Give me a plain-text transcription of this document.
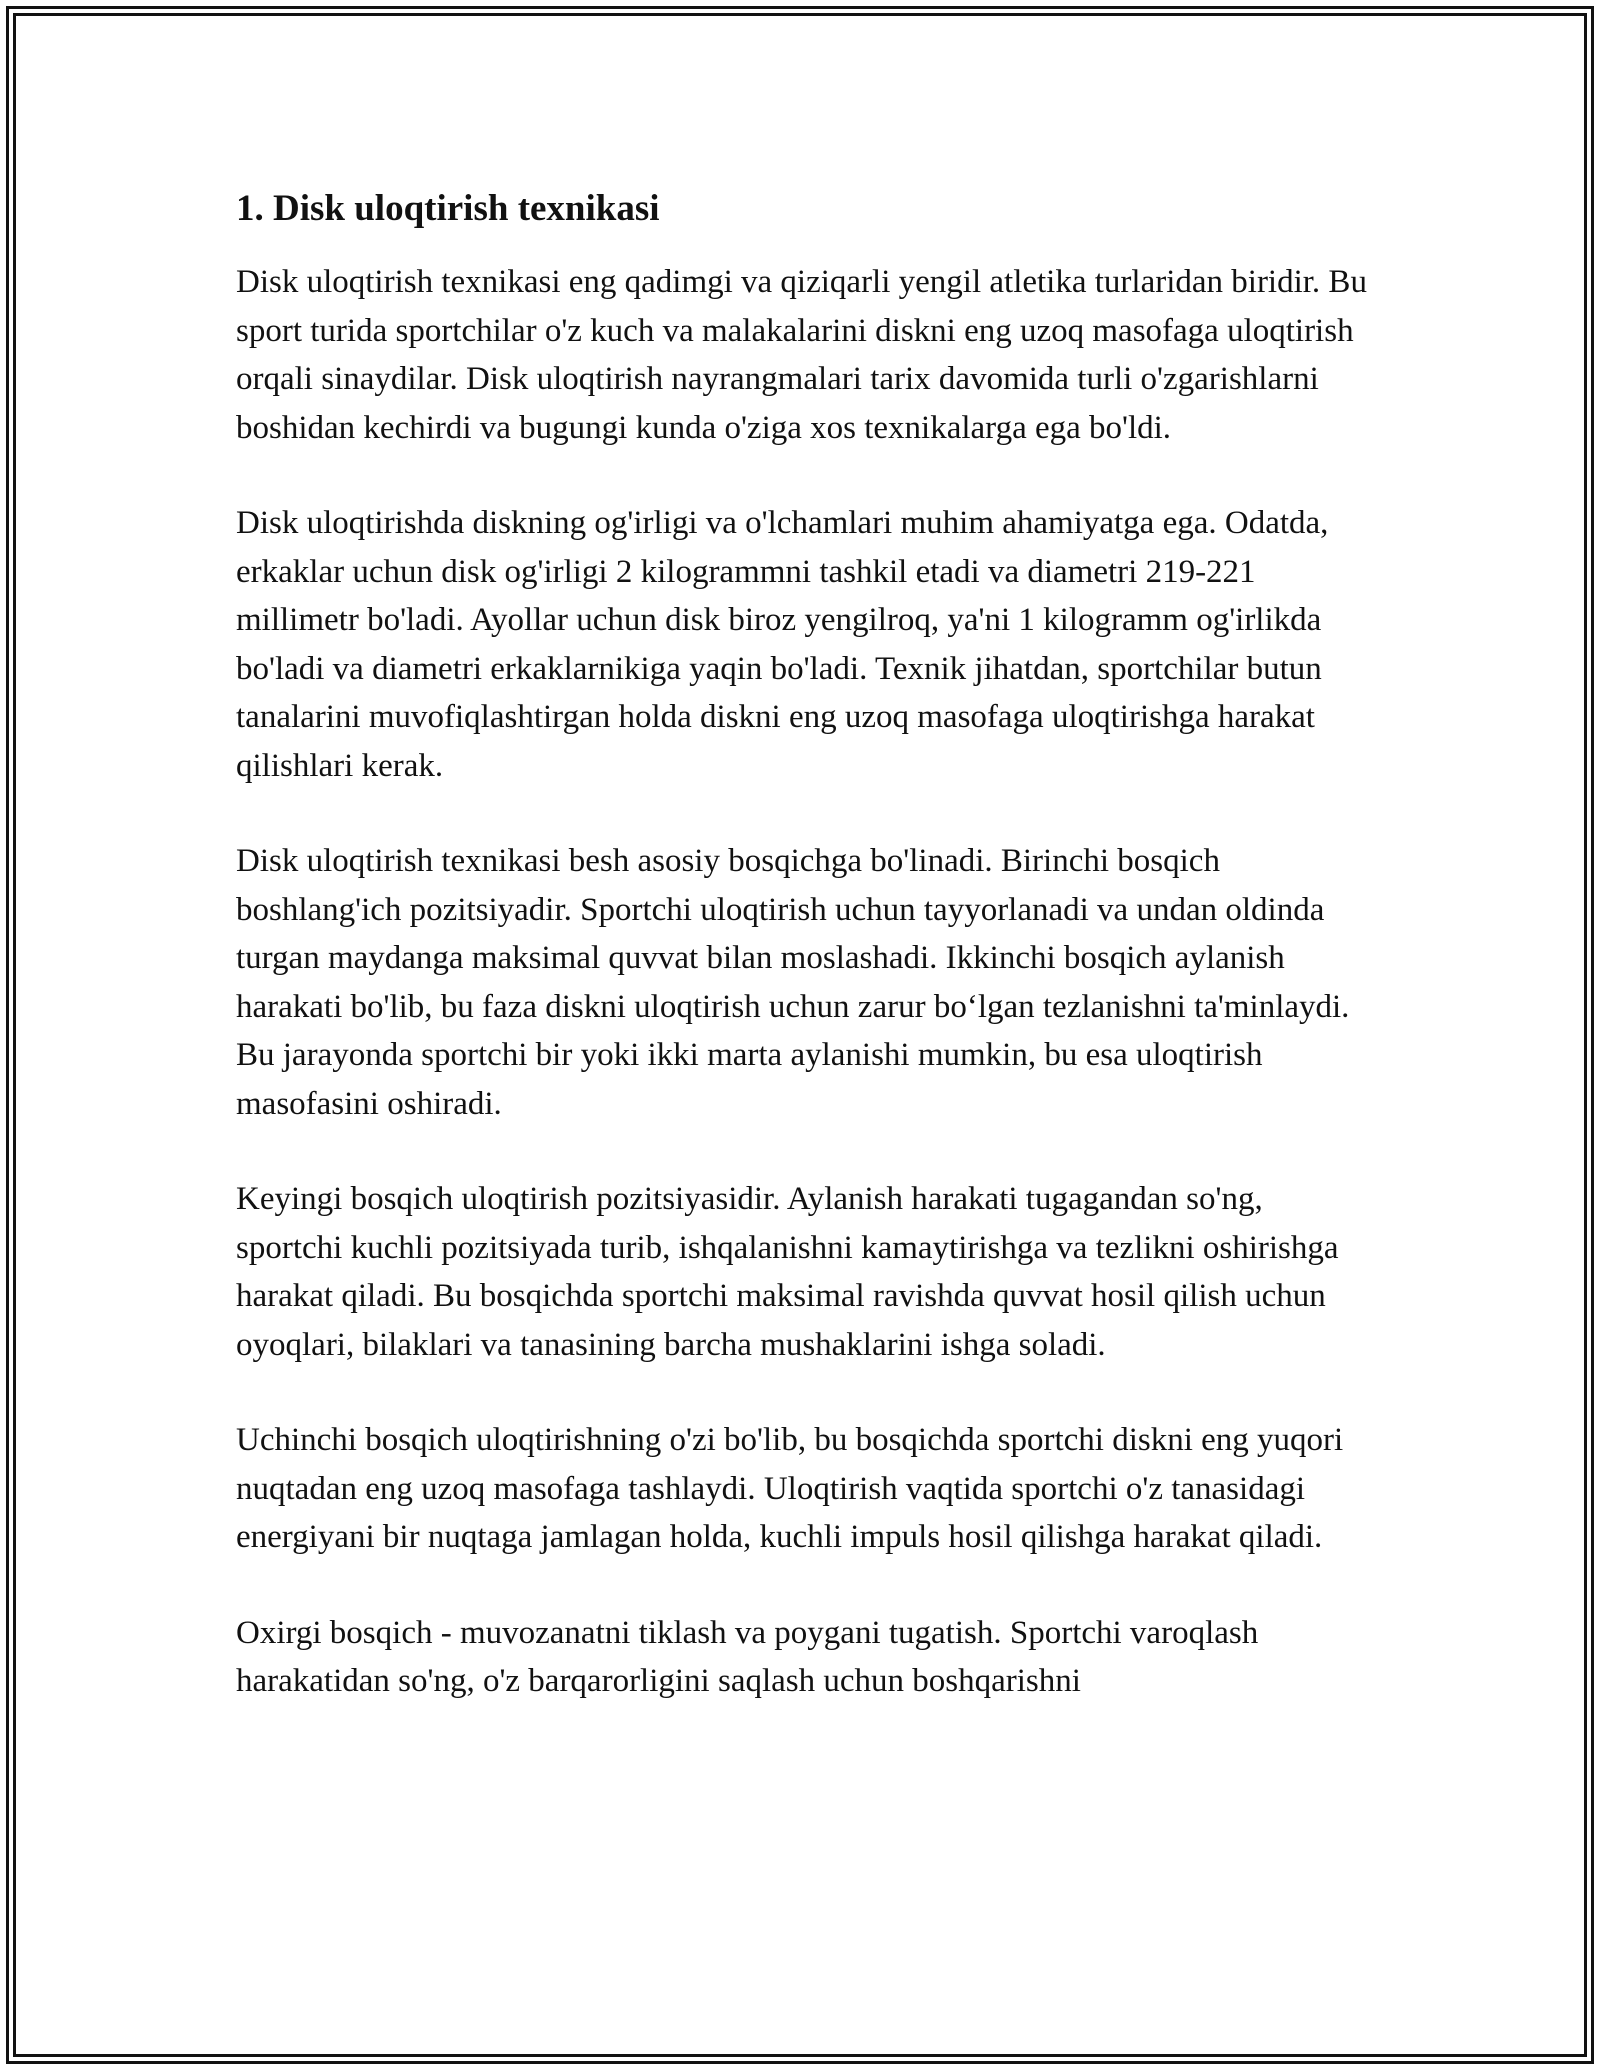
1. Disk uloqtirish texnikasi

Disk uloqtirish texnikasi eng qadimgi va qiziqarli yengil atletika turlaridan biridir. Bu sport turida sportchilar o'z kuch va malakalarini diskni eng uzoq masofaga uloqtirish orqali sinaydilar. Disk uloqtirish nayrangmalari tarix davomida turli o'zgarishlarni boshidan kechirdi va bugungi kunda o'ziga xos texnikalarga ega bo'ldi.

Disk uloqtirishda diskning og'irligi va o'lchamlari muhim ahamiyatga ega. Odatda, erkaklar uchun disk og'irligi 2 kilogrammni tashkil etadi va diametri 219-221 millimetr bo'ladi. Ayollar uchun disk biroz yengilroq, ya'ni 1 kilogramm og'irlikda bo'ladi va diametri erkaklarnikiga yaqin bo'ladi. Texnik jihatdan, sportchilar butun tanalarini muvofiqlashtirgan holda diskni eng uzoq masofaga uloqtirishga harakat qilishlari kerak.

Disk uloqtirish texnikasi besh asosiy bosqichga bo'linadi. Birinchi bosqich boshlang'ich pozitsiyadir. Sportchi uloqtirish uchun tayyorlanadi va undan oldinda turgan maydanga maksimal quvvat bilan moslashadi. Ikkinchi bosqich aylanish harakati bo'lib, bu faza diskni uloqtirish uchun zarur bo‘lgan tezlanishni ta'minlaydi. Bu jarayonda sportchi bir yoki ikki marta aylanishi mumkin, bu esa uloqtirish masofasini oshiradi.

Keyingi bosqich uloqtirish pozitsiyasidir. Aylanish harakati tugagandan so'ng, sportchi kuchli pozitsiyada turib, ishqalanishni kamaytirishga va tezlikni oshirishga harakat qiladi. Bu bosqichda sportchi maksimal ravishda quvvat hosil qilish uchun oyoqlari, bilaklari va tanasining barcha mushaklarini ishga soladi.

Uchinchi bosqich uloqtirishning o'zi bo'lib, bu bosqichda sportchi diskni eng yuqori nuqtadan eng uzoq masofaga tashlaydi. Uloqtirish vaqtida sportchi o'z tanasidagi energiyani bir nuqtaga jamlagan holda, kuchli impuls hosil qilishga harakat qiladi.

Oxirgi bosqich - muvozanatni tiklash va poygani tugatish. Sportchi varoqlash harakatidan so'ng, o'z barqarorligini saqlash uchun boshqarishni
